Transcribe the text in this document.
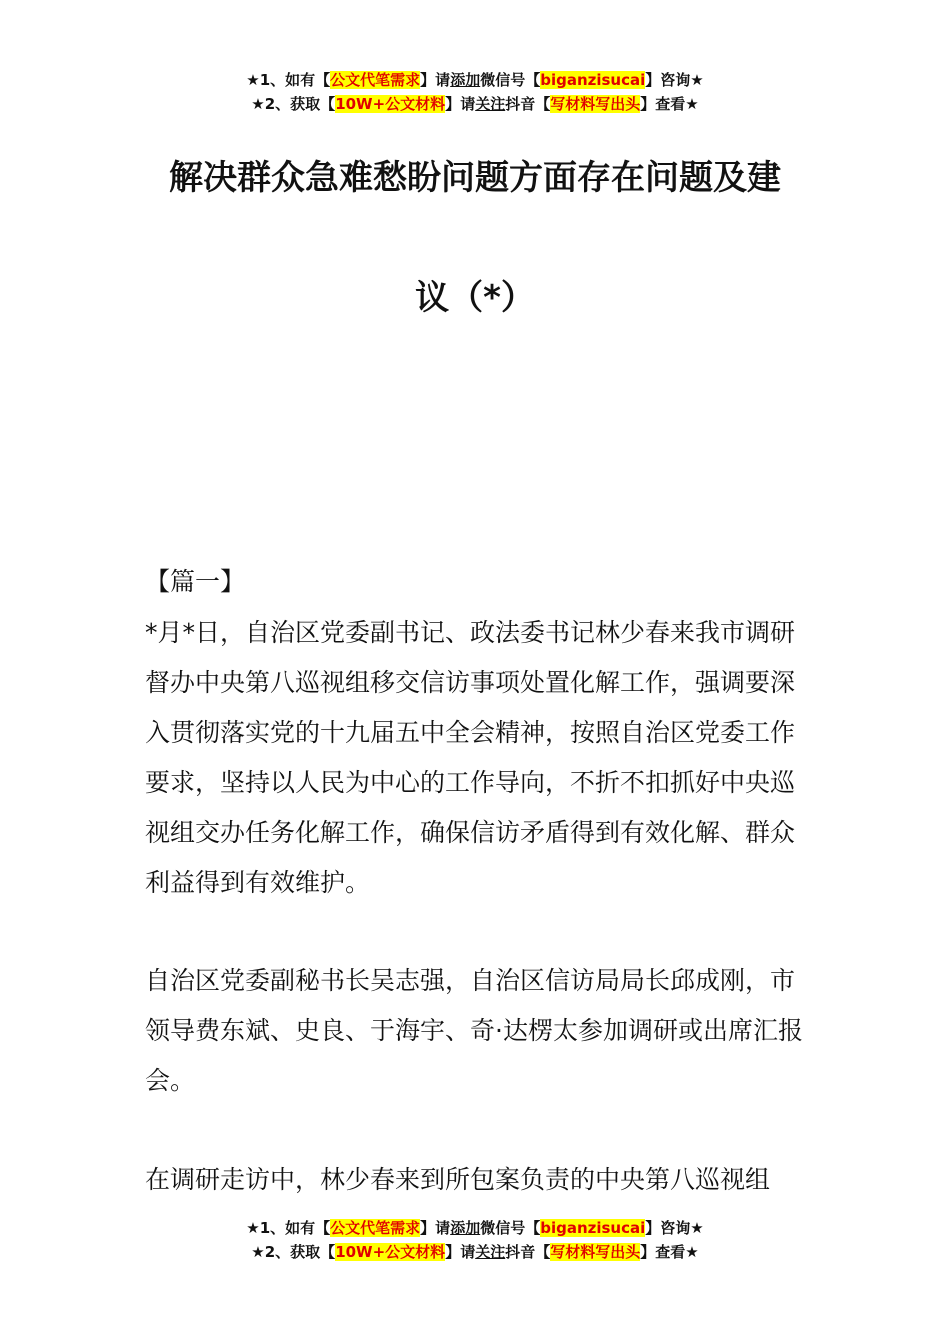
★1、如有【公文代笔需求】请添加微信号【biganzisucai】咨询★
★2、获取【10W+公文材料】请关注抖音【写材料写出头】查看★
解决群众急难愁盼问题方面存在问题及建
议（*）
【篇一】

*月*日，自治区党委副书记、政法委书记林少春来我市调研督办中央第八巡视组移交信访事项处置化解工作，强调要深入贯彻落实党的十九届五中全会精神，按照自治区党委工作要求，坚持以人民为中心的工作导向，不折不扣抓好中央巡视组交办任务化解工作，确保信访矛盾得到有效化解、群众利益得到有效维护。

自治区党委副秘书长吴志强，自治区信访局局长邱成刚，市领导费东斌、史良、于海宇、奇·达楞太参加调研或出席汇报会。

在调研走访中，林少春来到所包案负责的中央第八巡视组

★1、如有【公文代笔需求】请添加微信号【biganzisucai】咨询★
★2、获取【10W+公文材料】请关注抖音【写材料写出头】查看★
